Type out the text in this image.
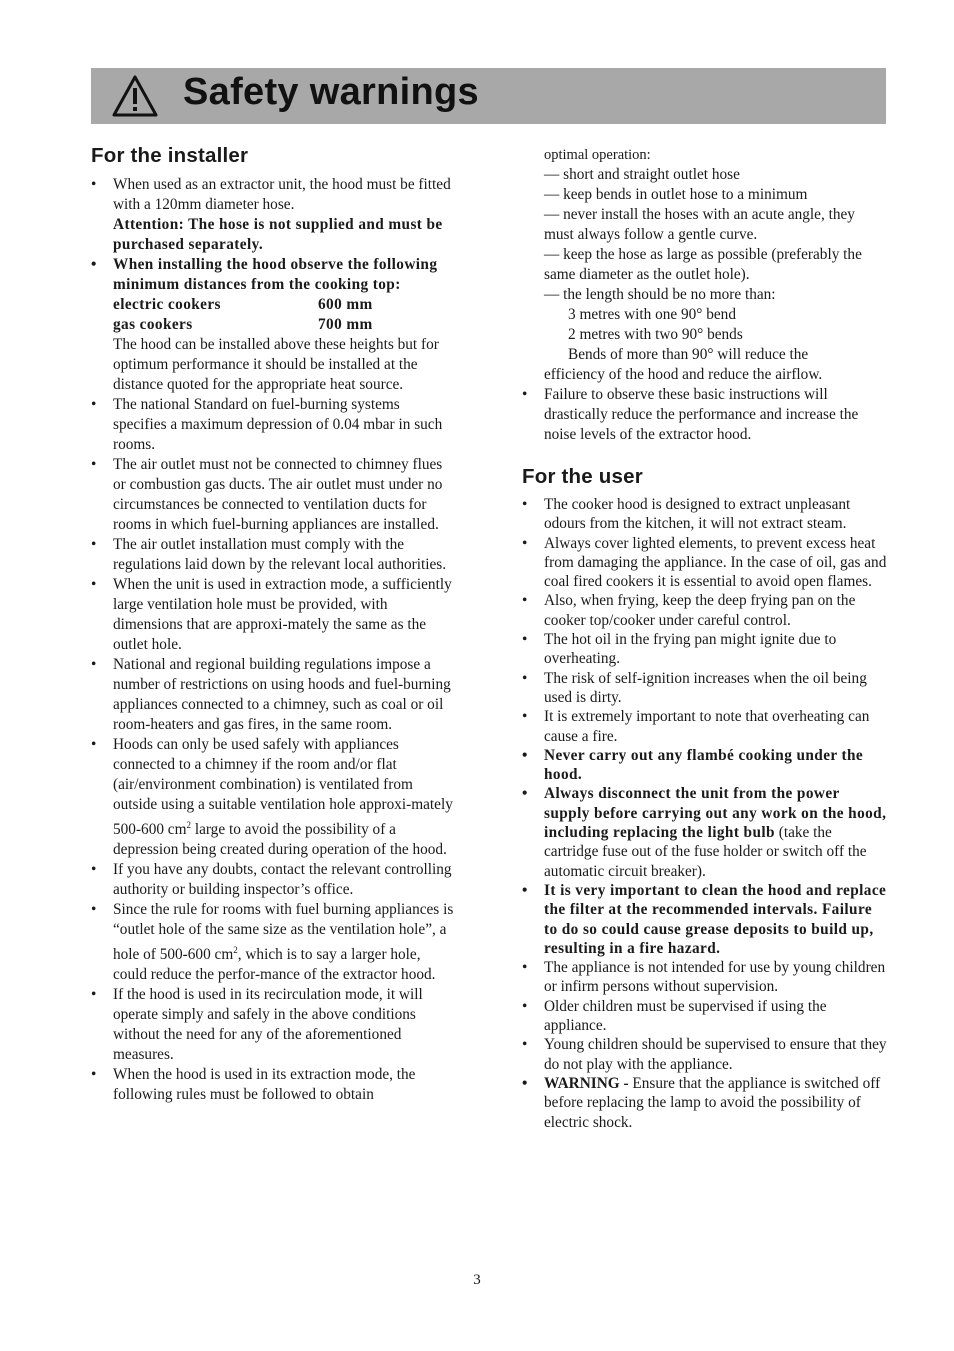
Safety warnings
For the installer
•	When used as an extractor unit, the hood must be fitted with a 120mm diameter hose.
Attention: The hose is not supplied and must be purchased separately.
•	When installing the hood observe the following minimum distances from the cooking top:
electric cookers	600 mm
gas cookers	700 mm
The hood can be installed above these heights but for optimum performance it should be installed at the distance quoted for the appropriate heat source.
•	The national Standard on fuel-burning systems specifies a maximum depression of 0.04 mbar in such rooms.
•	The air outlet must not be connected to chimney flues or combustion gas ducts. The air outlet must under no circumstances be connected to ventilation ducts for rooms in which fuel-burning appliances are installed.
•	The air outlet installation must comply with the regulations laid down by the relevant local authorities.
•	When the unit is used in extraction mode, a sufficiently large ventilation hole must be provided, with dimensions that are approxi-mately the same as the outlet hole.
•	National and regional building regulations impose a number of restrictions on using hoods and fuel-burning appliances connected to a chimney, such as coal or oil room-heaters and gas fires, in the same room.
•	Hoods can only be used safely with appliances connected to a chimney if the room and/or flat (air/environment combination) is ventilated from outside using a suitable ventilation hole approxi-mately 500-600 $cm^2$ large to avoid the possibility of a depression being created during operation of the hood.
•	If you have any doubts, contact the relevant controlling authority or building inspector’s office.
•	Since the rule for rooms with fuel burning appliances is “outlet hole of the same size as the ventilation hole”, a hole of 500-600 $cm^2$, which is to say a larger hole, could reduce the perfor-mance of the extractor hood.
•	If the hood is used in its recirculation mode, it will operate simply and safely in the above conditions without the need for any of the aforementioned measures.
•	When the hood is used in its extraction mode, the following rules must be followed to obtain
optimal operation:
— short and straight outlet hose
— keep bends in outlet hose to a minimum
— never install the hoses with an acute angle, they must always follow a gentle curve.
— keep the hose as large as possible (preferably the same diameter as the outlet hole).
— the length should be no more than:
3 metres with one 90° bend
2 metres with two 90° bends
Bends of more than 90° will reduce the
efficiency of the hood and reduce the airflow.
•	Failure to observe these basic instructions will drastically reduce the performance and increase the noise levels of the extractor hood.
For the user
•	The cooker hood is designed to extract unpleasant odours from the kitchen, it will not extract steam.
•	Always cover lighted elements, to prevent excess heat from damaging the appliance. In the case of oil, gas and coal fired cookers it is essential to avoid open flames.
•	Also, when frying, keep the deep frying pan on the cooker top/cooker under careful control.
•	The hot oil in the frying pan might ignite due to overheating.
•	The risk of self-ignition increases when the oil being used is dirty.
•	It is extremely important to note that overheating can cause a fire.
•	Never carry out any flambé cooking under the hood.
•	Always disconnect the unit from the power supply before carrying out any work on the hood, including replacing the light bulb (take the cartridge fuse out of the fuse holder or switch off the automatic circuit breaker).
•	It is very important to clean the hood and replace the filter at the recommended intervals. Failure to do so could cause grease deposits to build up, resulting in a fire hazard.
•	The appliance is not intended for use by young children or infirm persons without supervision.
•	Older children must be supervised if using the appliance.
•	Young children should be supervised to ensure that they do not play with the appliance.
•	WARNING - Ensure that the appliance is switched off before replacing the lamp to avoid the possibility of electric shock.
3
